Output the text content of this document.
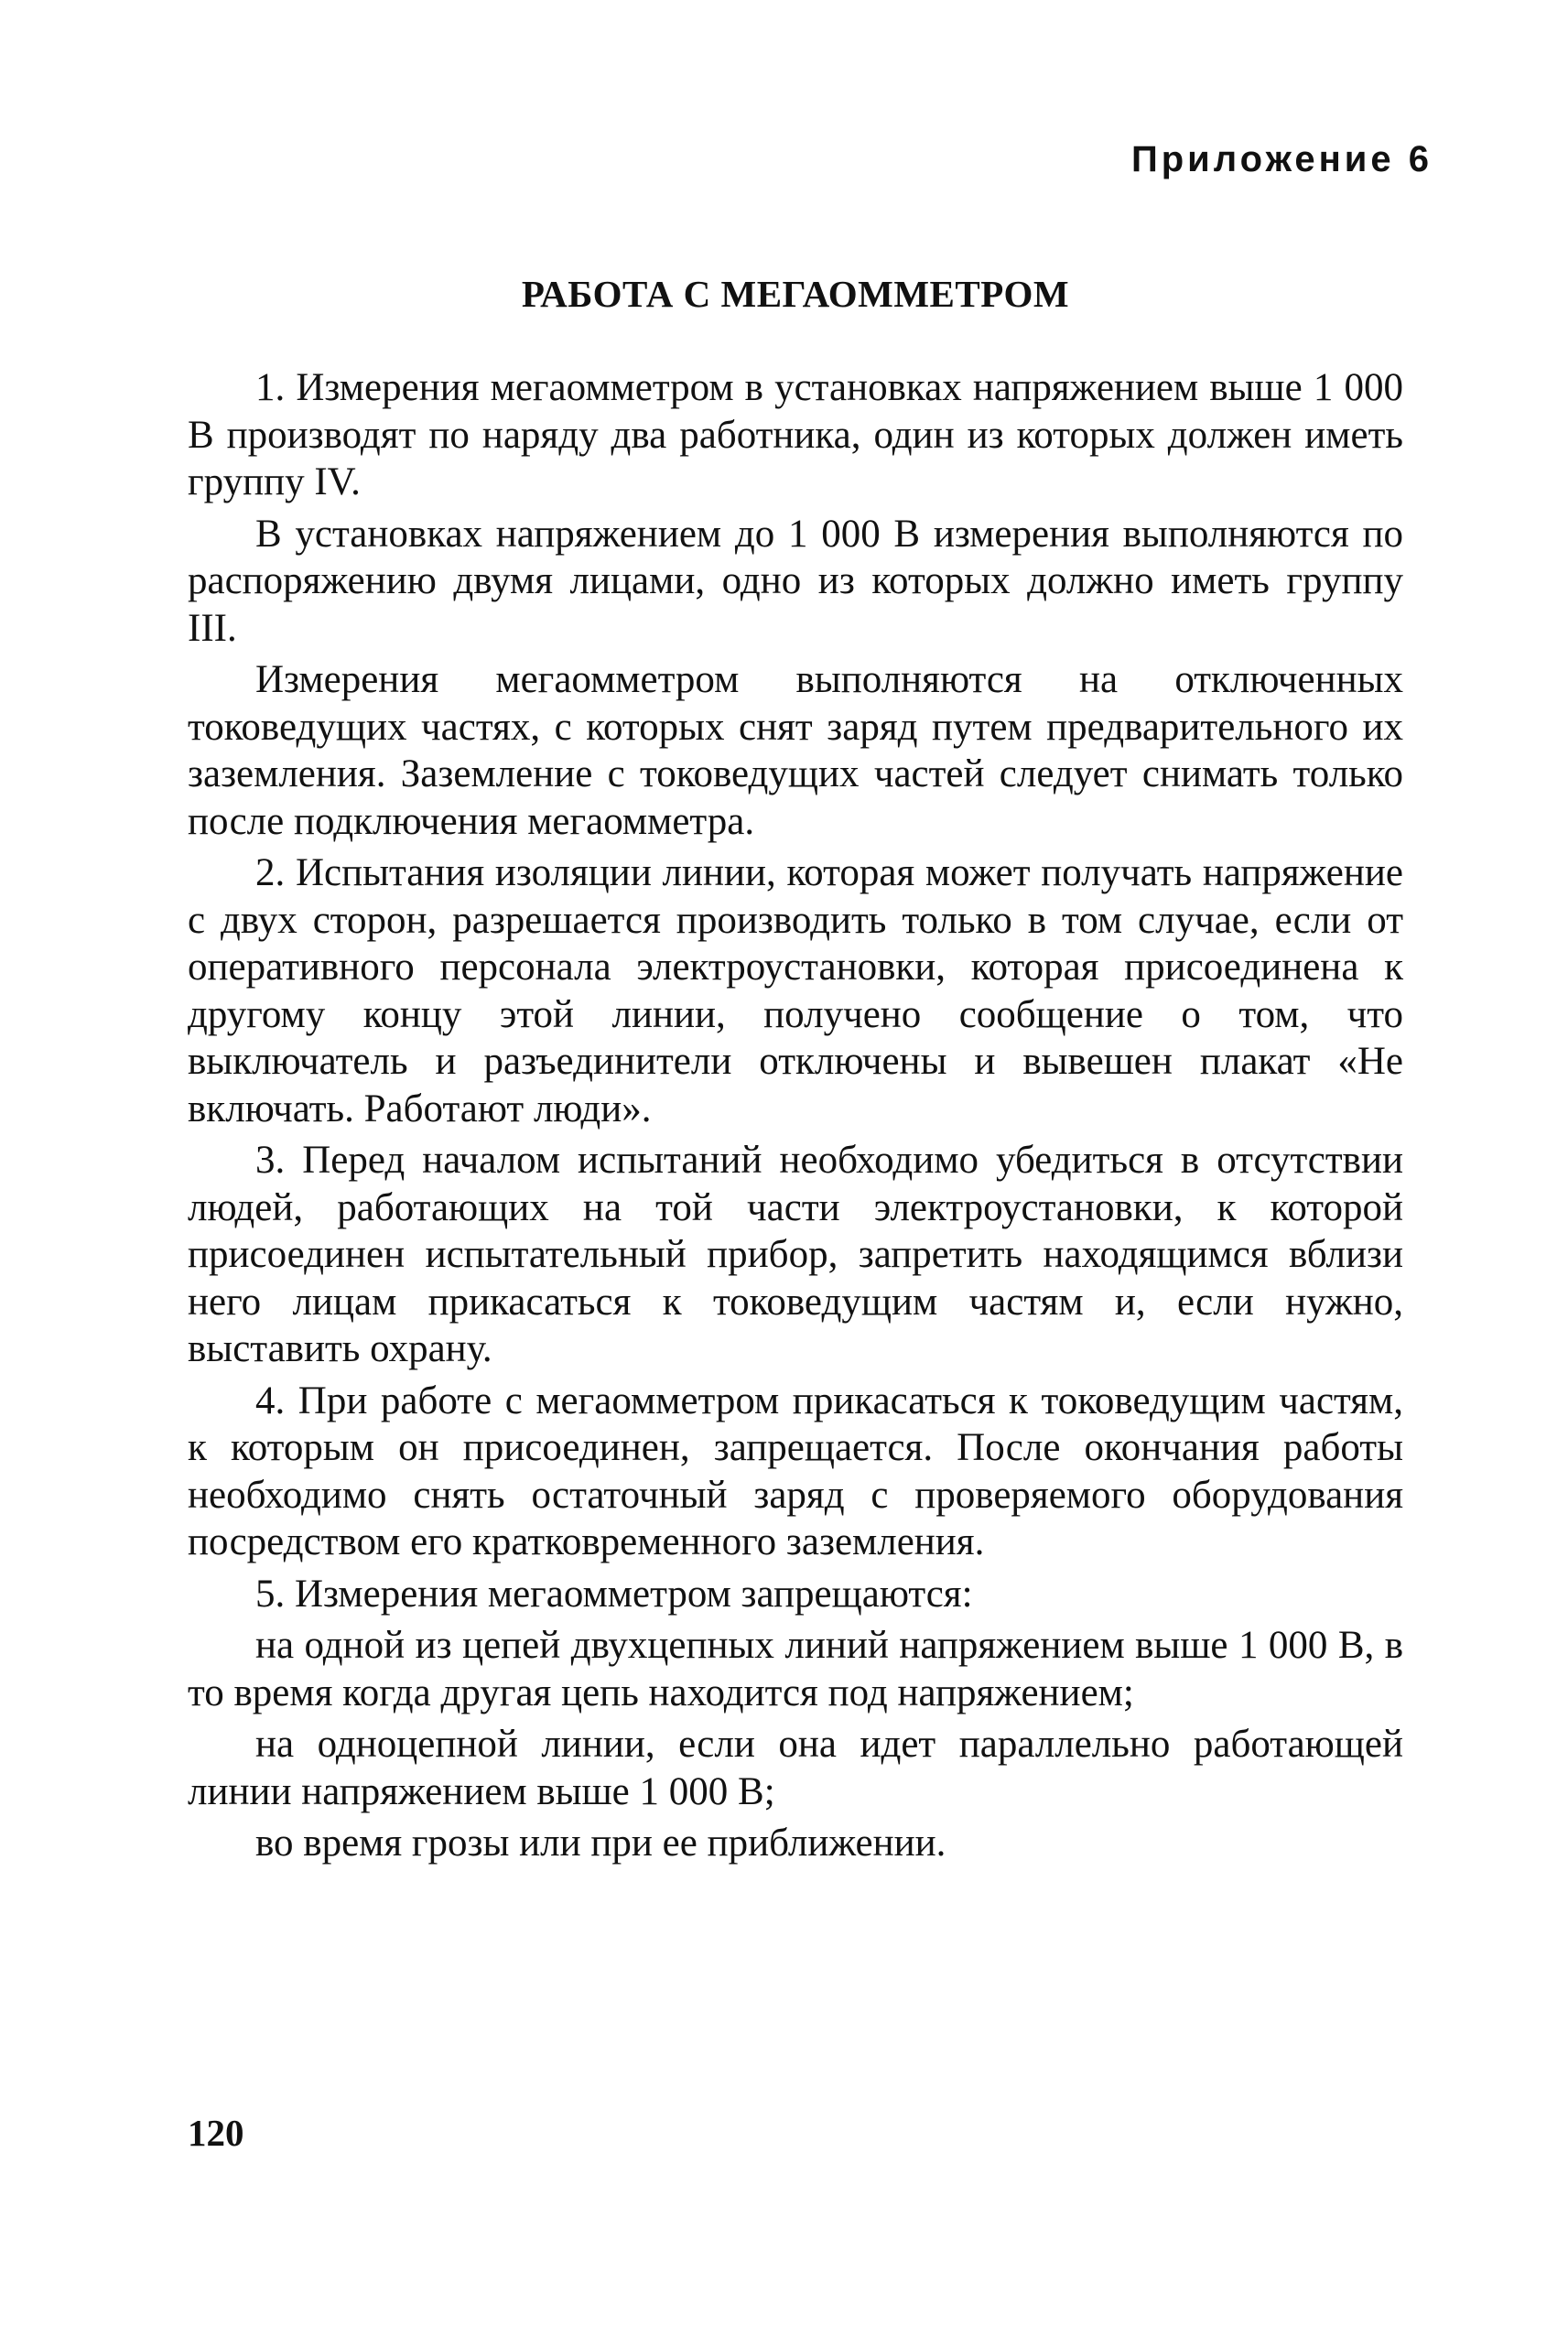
Приложение 6
РАБОТА С МЕГАОММЕТРОМ

1. Измерения мегаомметром в установках напряжением выше 1 000 В производят по наряду два работника, один из которых должен иметь группу IV.

В установках напряжением до 1 000 В измерения выполняются по распоряжению двумя лицами, одно из которых должно иметь группу III.

Измерения мегаомметром выполняются на отключенных токоведущих частях, с которых снят заряд путем предварительного их заземления. Заземление с токоведущих частей следует снимать только после подключения мегаомметра.

2. Испытания изоляции линии, которая может получать напряжение с двух сторон, разрешается производить только в том случае, если от оперативного персонала электроустановки, которая присоединена к другому концу этой линии, получено сообщение о том, что выключатель и разъединители отключены и вывешен плакат «Не включать. Работают люди».

3. Перед началом испытаний необходимо убедиться в отсутствии людей, работающих на той части электроустановки, к которой присоединен испытательный прибор, запретить находящимся вблизи него лицам прикасаться к токоведущим частям и, если нужно, выставить охрану.

4. При работе с мегаомметром прикасаться к токоведущим частям, к которым он присоединен, запрещается. После окончания работы необходимо снять остаточный заряд с проверяемого оборудования посредством его кратковременного заземления.

5. Измерения мегаомметром запрещаются:

на одной из цепей двухцепных линий напряжением выше 1 000 В, в то время когда другая цепь находится под напряжением;

на одноцепной линии, если она идет параллельно работающей линии напряжением выше 1 000 В;

во время грозы или при ее приближении.

120
